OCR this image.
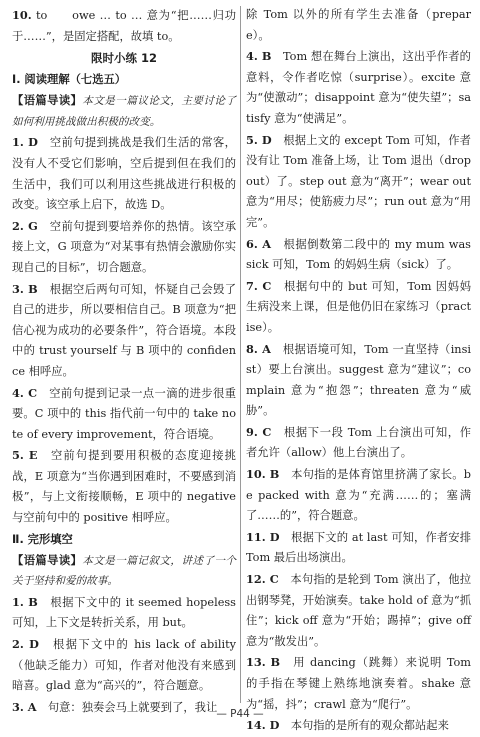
10. to　　owe … to … 意为“把……归功于……”，是固定搭配，故填 to。

限时小练 12

Ⅰ. 阅读理解（七选五）

【语篇导读】本文是一篇议论文，主要讨论了如何利用挑战做出积极的改变。

1. D　 空前句提到挑战是我们生活的常客，没有人不受它们影响，空后提到但在我们的生活中，我们可以利用这些挑战进行积极的改变。该空承上启下，故选 D。

2. G　 空前句提到要培养你的热情。该空承接上文，G 项意为“对某事有热情会激励你实现自己的目标”，切合题意。

3. B　 根据空后两句可知，怀疑自己会毁了自己的进步，所以要相信自己。B 项意为“把信心视为成功的必要条件”，符合语境。本段中的 trust yourself 与 B 项中的 confidence 相呼应。

4. C　 空前句提到记录一点一滴的进步很重要。C 项中的 this 指代前一句中的 take note of every improvement，符合语境。

5. E　 空前句提到要用积极的态度迎接挑战，E 项意为“当你遇到困难时，不要感到消极”，与上文衔接顺畅，E 项中的 negative 与空前句中的 positive 相呼应。

Ⅱ. 完形填空

【语篇导读】本文是一篇记叙文，讲述了一个关于坚持和爱的故事。

1. B　 根据下文中的 it seemed hopeless 可知，上下文是转折关系，用 but。

2. D　 根据下文中的 his lack of ability（他缺乏能力）可知，作者对他没有来感到暗喜。glad 意为“高兴的”，符合题意。

3. A　 句意：独奏会马上就要到了，我让

除 Tom 以外的所有学生去准备（prepare）。

4. B　 Tom 想在舞台上演出，这出乎作者的意料，令作者吃惊（surprise）。excite 意为“使激动”；disappoint 意为“使失望”；satisfy 意为“使满足”。

5. D　 根据上文的 except Tom 可知，作者没有让 Tom 准备上场，让 Tom 退出（drop out）了。step out 意为“离开”；wear out 意为“用尽；使筋疲力尽”；run out 意为“用完”。

6. A　 根据倒数第二段中的 my mum was sick 可知，Tom 的妈妈生病（sick）了。

7. C　 根据句中的 but 可知，Tom 因妈妈生病没来上课，但是他仍旧在家练习（practise）。

8. A　 根据语境可知，Tom 一直坚持（insist）要上台演出。suggest 意为“建议”；complain 意为“抱怨”；threaten 意为“威胁”。

9. C　 根据下一段 Tom 上台演出可知，作者允许（allow）他上台演出了。

10. B　 本句指的是体育馆里挤满了家长。be packed with 意为“充满……的；塞满了……的”，符合题意。

11. D　 根据下文的 at last 可知，作者安排 Tom 最后出场演出。

12. C　 本句指的是轮到 Tom 演出了，他拉出钢琴凳，开始演奏。take hold of 意为“抓住”；kick off 意为“开始；踢掉”；give off 意为“散发出”。

13. B　 用 dancing（跳舞）来说明 Tom 的手指在琴键上熟练地演奏着。shake 意为“摇，抖”；crawl 意为“爬行”。

14. D　 本句指的是所有的观众都站起来

— P44 —
